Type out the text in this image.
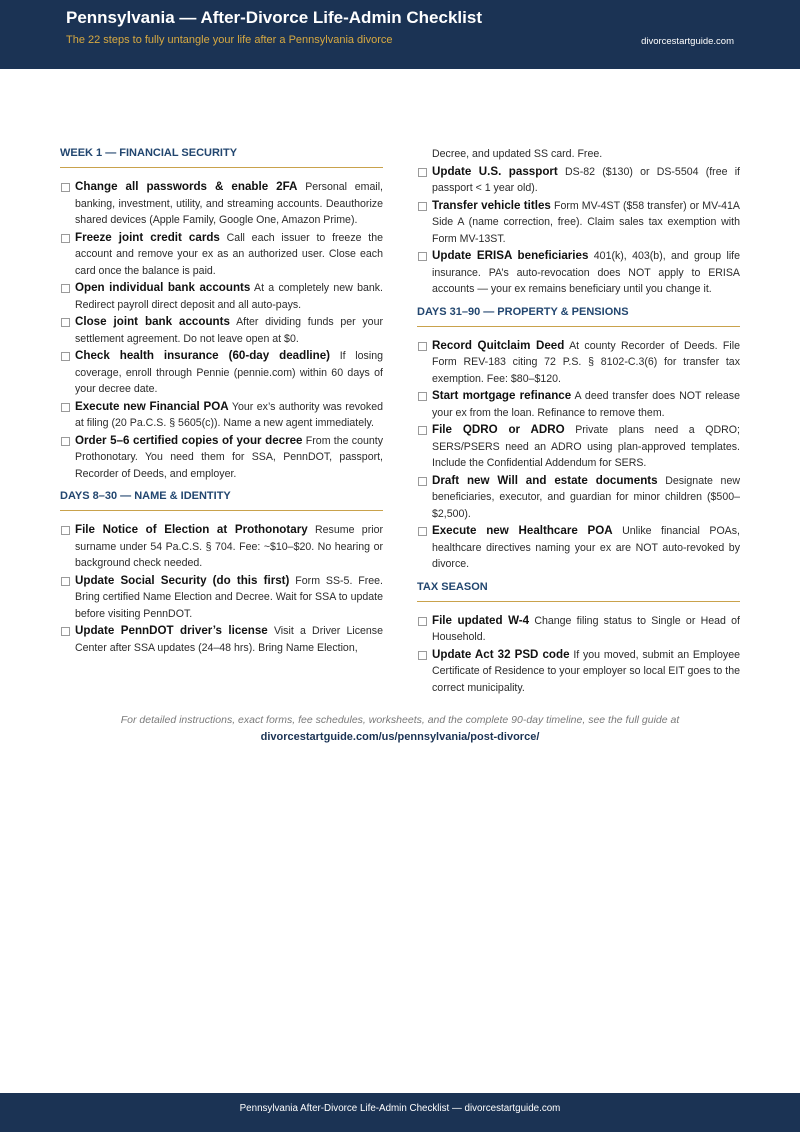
Pennsylvania — After-Divorce Life-Admin Checklist
The 22 steps to fully untangle your life after a Pennsylvania divorce	divorcestartguide.com
WEEK 1 — FINANCIAL SECURITY
Change all passwords & enable 2FA Personal email, banking, investment, utility, and streaming accounts. Deauthorize shared devices (Apple Family, Google One, Amazon Prime).
Freeze joint credit cards Call each issuer to freeze the account and remove your ex as an authorized user. Close each card once the balance is paid.
Open individual bank accounts At a completely new bank. Redirect payroll direct deposit and all auto-pays.
Close joint bank accounts After dividing funds per your settlement agreement. Do not leave open at $0.
Check health insurance (60-day deadline) If losing coverage, enroll through Pennie (pennie.com) within 60 days of your decree date.
Execute new Financial POA Your ex’s authority was revoked at filing (20 Pa.C.S. § 5605(c)). Name a new agent immediately.
Order 5–6 certified copies of your decree From the county Prothonotary. You need them for SSA, PennDOT, passport, Recorder of Deeds, and employer.
DAYS 8–30 — NAME & IDENTITY
File Notice of Election at Prothonotary Resume prior surname under 54 Pa.C.S. § 704. Fee: ~$10–$20. No hearing or background check needed.
Update Social Security (do this first) Form SS-5. Free. Bring certified Name Election and Decree. Wait for SSA to update before visiting PennDOT.
Update PennDOT driver’s license Visit a Driver License Center after SSA updates (24–48 hrs). Bring Name Election,
Decree, and updated SS card. Free.
Update U.S. passport DS-82 ($130) or DS-5504 (free if passport < 1 year old).
Transfer vehicle titles Form MV-4ST ($58 transfer) or MV-41A Side A (name correction, free). Claim sales tax exemption with Form MV-13ST.
Update ERISA beneficiaries 401(k), 403(b), and group life insurance. PA’s auto-revocation does NOT apply to ERISA accounts — your ex remains beneficiary until you change it.
DAYS 31–90 — PROPERTY & PENSIONS
Record Quitclaim Deed At county Recorder of Deeds. File Form REV-183 citing 72 P.S. § 8102-C.3(6) for transfer tax exemption. Fee: $80–$120.
Start mortgage refinance A deed transfer does NOT release your ex from the loan. Refinance to remove them.
File QDRO or ADRO Private plans need a QDRO; SERS/PSERS need an ADRO using plan-approved templates. Include the Confidential Addendum for SERS.
Draft new Will and estate documents Designate new beneficiaries, executor, and guardian for minor children ($500–$2,500).
Execute new Healthcare POA Unlike financial POAs, healthcare directives naming your ex are NOT auto-revoked by divorce.
TAX SEASON
File updated W-4 Change filing status to Single or Head of Household.
Update Act 32 PSD code If you moved, submit an Employee Certificate of Residence to your employer so local EIT goes to the correct municipality.
For detailed instructions, exact forms, fee schedules, worksheets, and the complete 90-day timeline, see the full guide at
divorcestartguide.com/us/pennsylvania/post-divorce/
Pennsylvania After-Divorce Life-Admin Checklist — divorcestartguide.com
